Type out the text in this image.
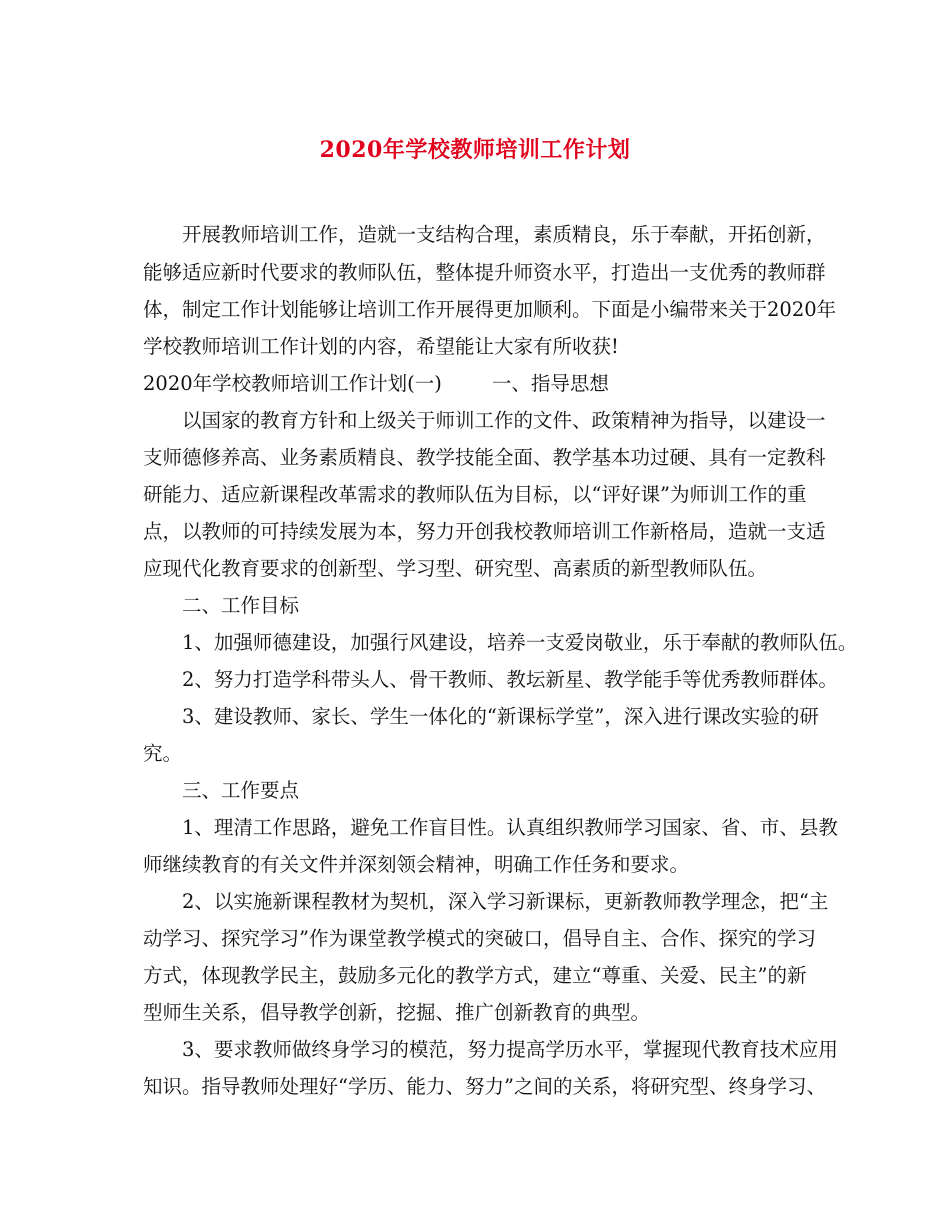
2020年学校教师培训工作计划
开展教师培训工作，造就一支结构合理，素质精良，乐于奉献，开拓创新，
能够适应新时代要求的教师队伍，整体提升师资水平，打造出一支优秀的教师群
体，制定工作计划能够让培训工作开展得更加顺利。下面是小编带来关于2020年
学校教师培训工作计划的内容，希望能让大家有所收获!
2020年学校教师培训工作计划(一)	一、指导思想
以国家的教育方针和上级关于师训工作的文件、政策精神为指导，以建设一
支师德修养高、业务素质精良、教学技能全面、教学基本功过硬、具有一定教科
研能力、适应新课程改革需求的教师队伍为目标，以“评好课”为师训工作的重
点，以教师的可持续发展为本，努力开创我校教师培训工作新格局，造就一支适
应现代化教育要求的创新型、学习型、研究型、高素质的新型教师队伍。
二、工作目标
1、加强师德建设，加强行风建设，培养一支爱岗敬业，乐于奉献的教师队伍。
2、努力打造学科带头人、骨干教师、教坛新星、教学能手等优秀教师群体。
3、建设教师、家长、学生一体化的“新课标学堂”，深入进行课改实验的研
究。
三、工作要点
1、理清工作思路，避免工作盲目性。认真组织教师学习国家、省、市、县教
师继续教育的有关文件并深刻领会精神，明确工作任务和要求。
2、以实施新课程教材为契机，深入学习新课标，更新教师教学理念，把“主
动学习、探究学习”作为课堂教学模式的突破口，倡导自主、合作、探究的学习
方式，体现教学民主，鼓励多元化的教学方式，建立“尊重、关爱、民主”的新
型师生关系，倡导教学创新，挖掘、推广创新教育的典型。
3、要求教师做终身学习的模范，努力提高学历水平，掌握现代教育技术应用
知识。指导教师处理好“学历、能力、努力”之间的关系，将研究型、终身学习、
